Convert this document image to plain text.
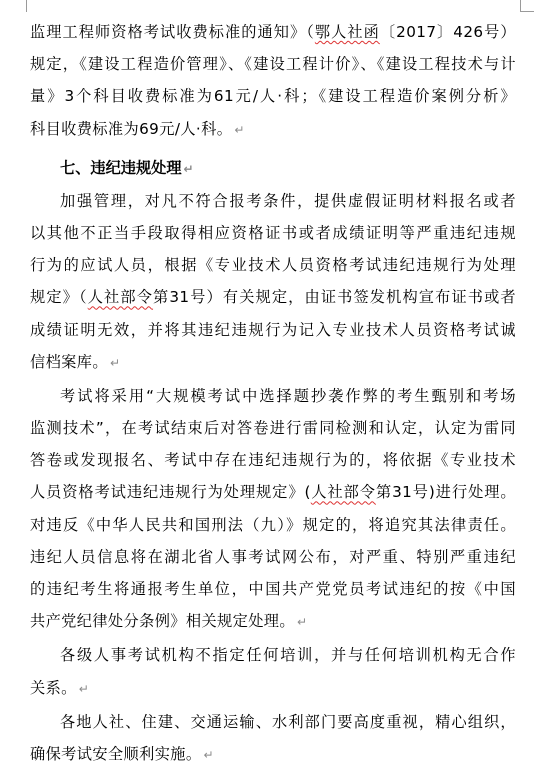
监理工程师资格考试收费标准的通知》（鄂人社函〔2017〕426号）
规定，《建设工程造价管理》、《建设工程计价》、《建设工程技术与计
量》3个科目收费标准为61元/人·科；《建设工程造价案例分析》
科目收费标准为69元/人·科。 ↵
七、违纪违规处理 ↵
加强管理，对凡不符合报考条件，提供虚假证明材料报名或者
以其他不正当手段取得相应资格证书或者成绩证明等严重违纪违规
行为的应试人员，根据《专业技术人员资格考试违纪违规行为处理
规定》（人社部令第31号）有关规定，由证书签发机构宣布证书或者
成绩证明无效，并将其违纪违规行为记入专业技术人员资格考试诚
信档案库。 ↵
考试将采用“大规模考试中选择题抄袭作弊的考生甄别和考场
监测技术”，在考试结束后对答卷进行雷同检测和认定，认定为雷同
答卷或发现报名、考试中存在违纪违规行为的，将依据《专业技术
人员资格考试违纪违规行为处理规定》(人社部令第31号)进行处理。
对违反《中华人民共和国刑法（九）》规定的，将追究其法律责任。
违纪人员信息将在湖北省人事考试网公布，对严重、特别严重违纪
的违纪考生将通报考生单位，中国共产党党员考试违纪的按《中国
共产党纪律处分条例》相关规定处理。 ↵
各级人事考试机构不指定任何培训，并与任何培训机构无合作
关系。 ↵
各地人社、住建、交通运输、水利部门要高度重视，精心组织，
确保考试安全顺利实施。 ↵
